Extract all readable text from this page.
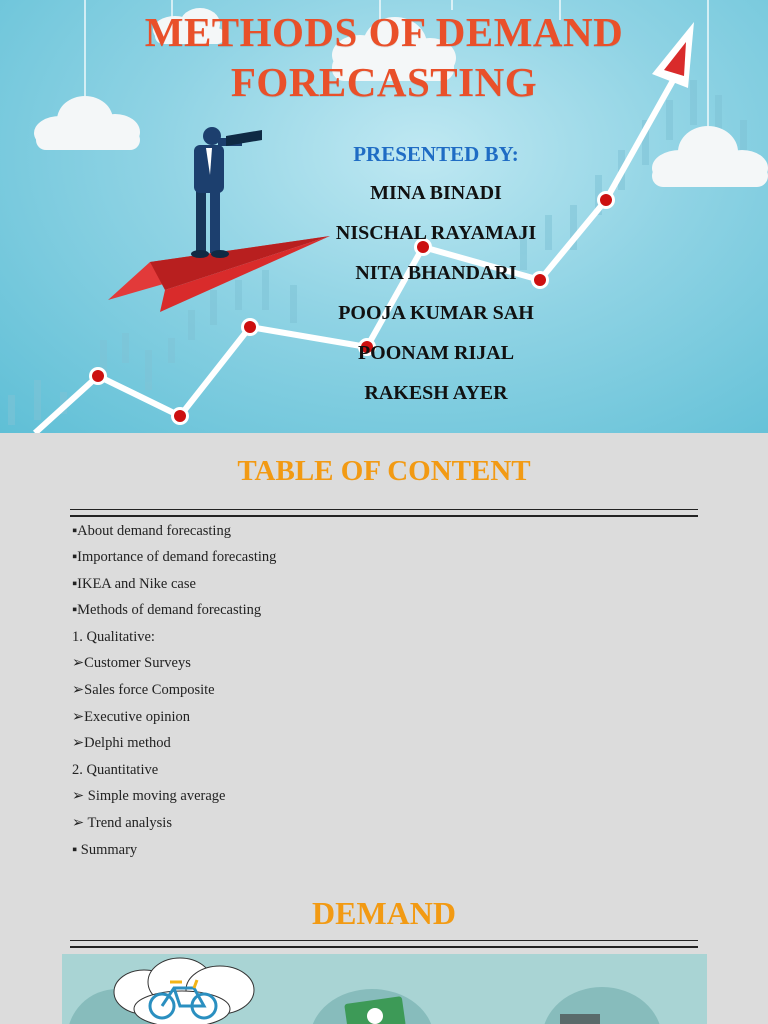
METHODS OF DEMAND
FORECASTING
PRESENTED BY:
MINA BINADI
NISCHAL RAYAMAJI
NITA BHANDARI
POOJA KUMAR SAH
POONAM RIJAL
RAKESH AYER
TABLE OF CONTENT
▪About demand forecasting
▪Importance of demand forecasting
▪IKEA and Nike case
▪Methods of demand forecasting
1. Qualitative:
➢Customer Surveys
➢Sales force Composite
➢Executive opinion
➢Delphi method
2. Quantitative
➢ Simple moving average
➢ Trend analysis
▪ Summary
DEMAND
